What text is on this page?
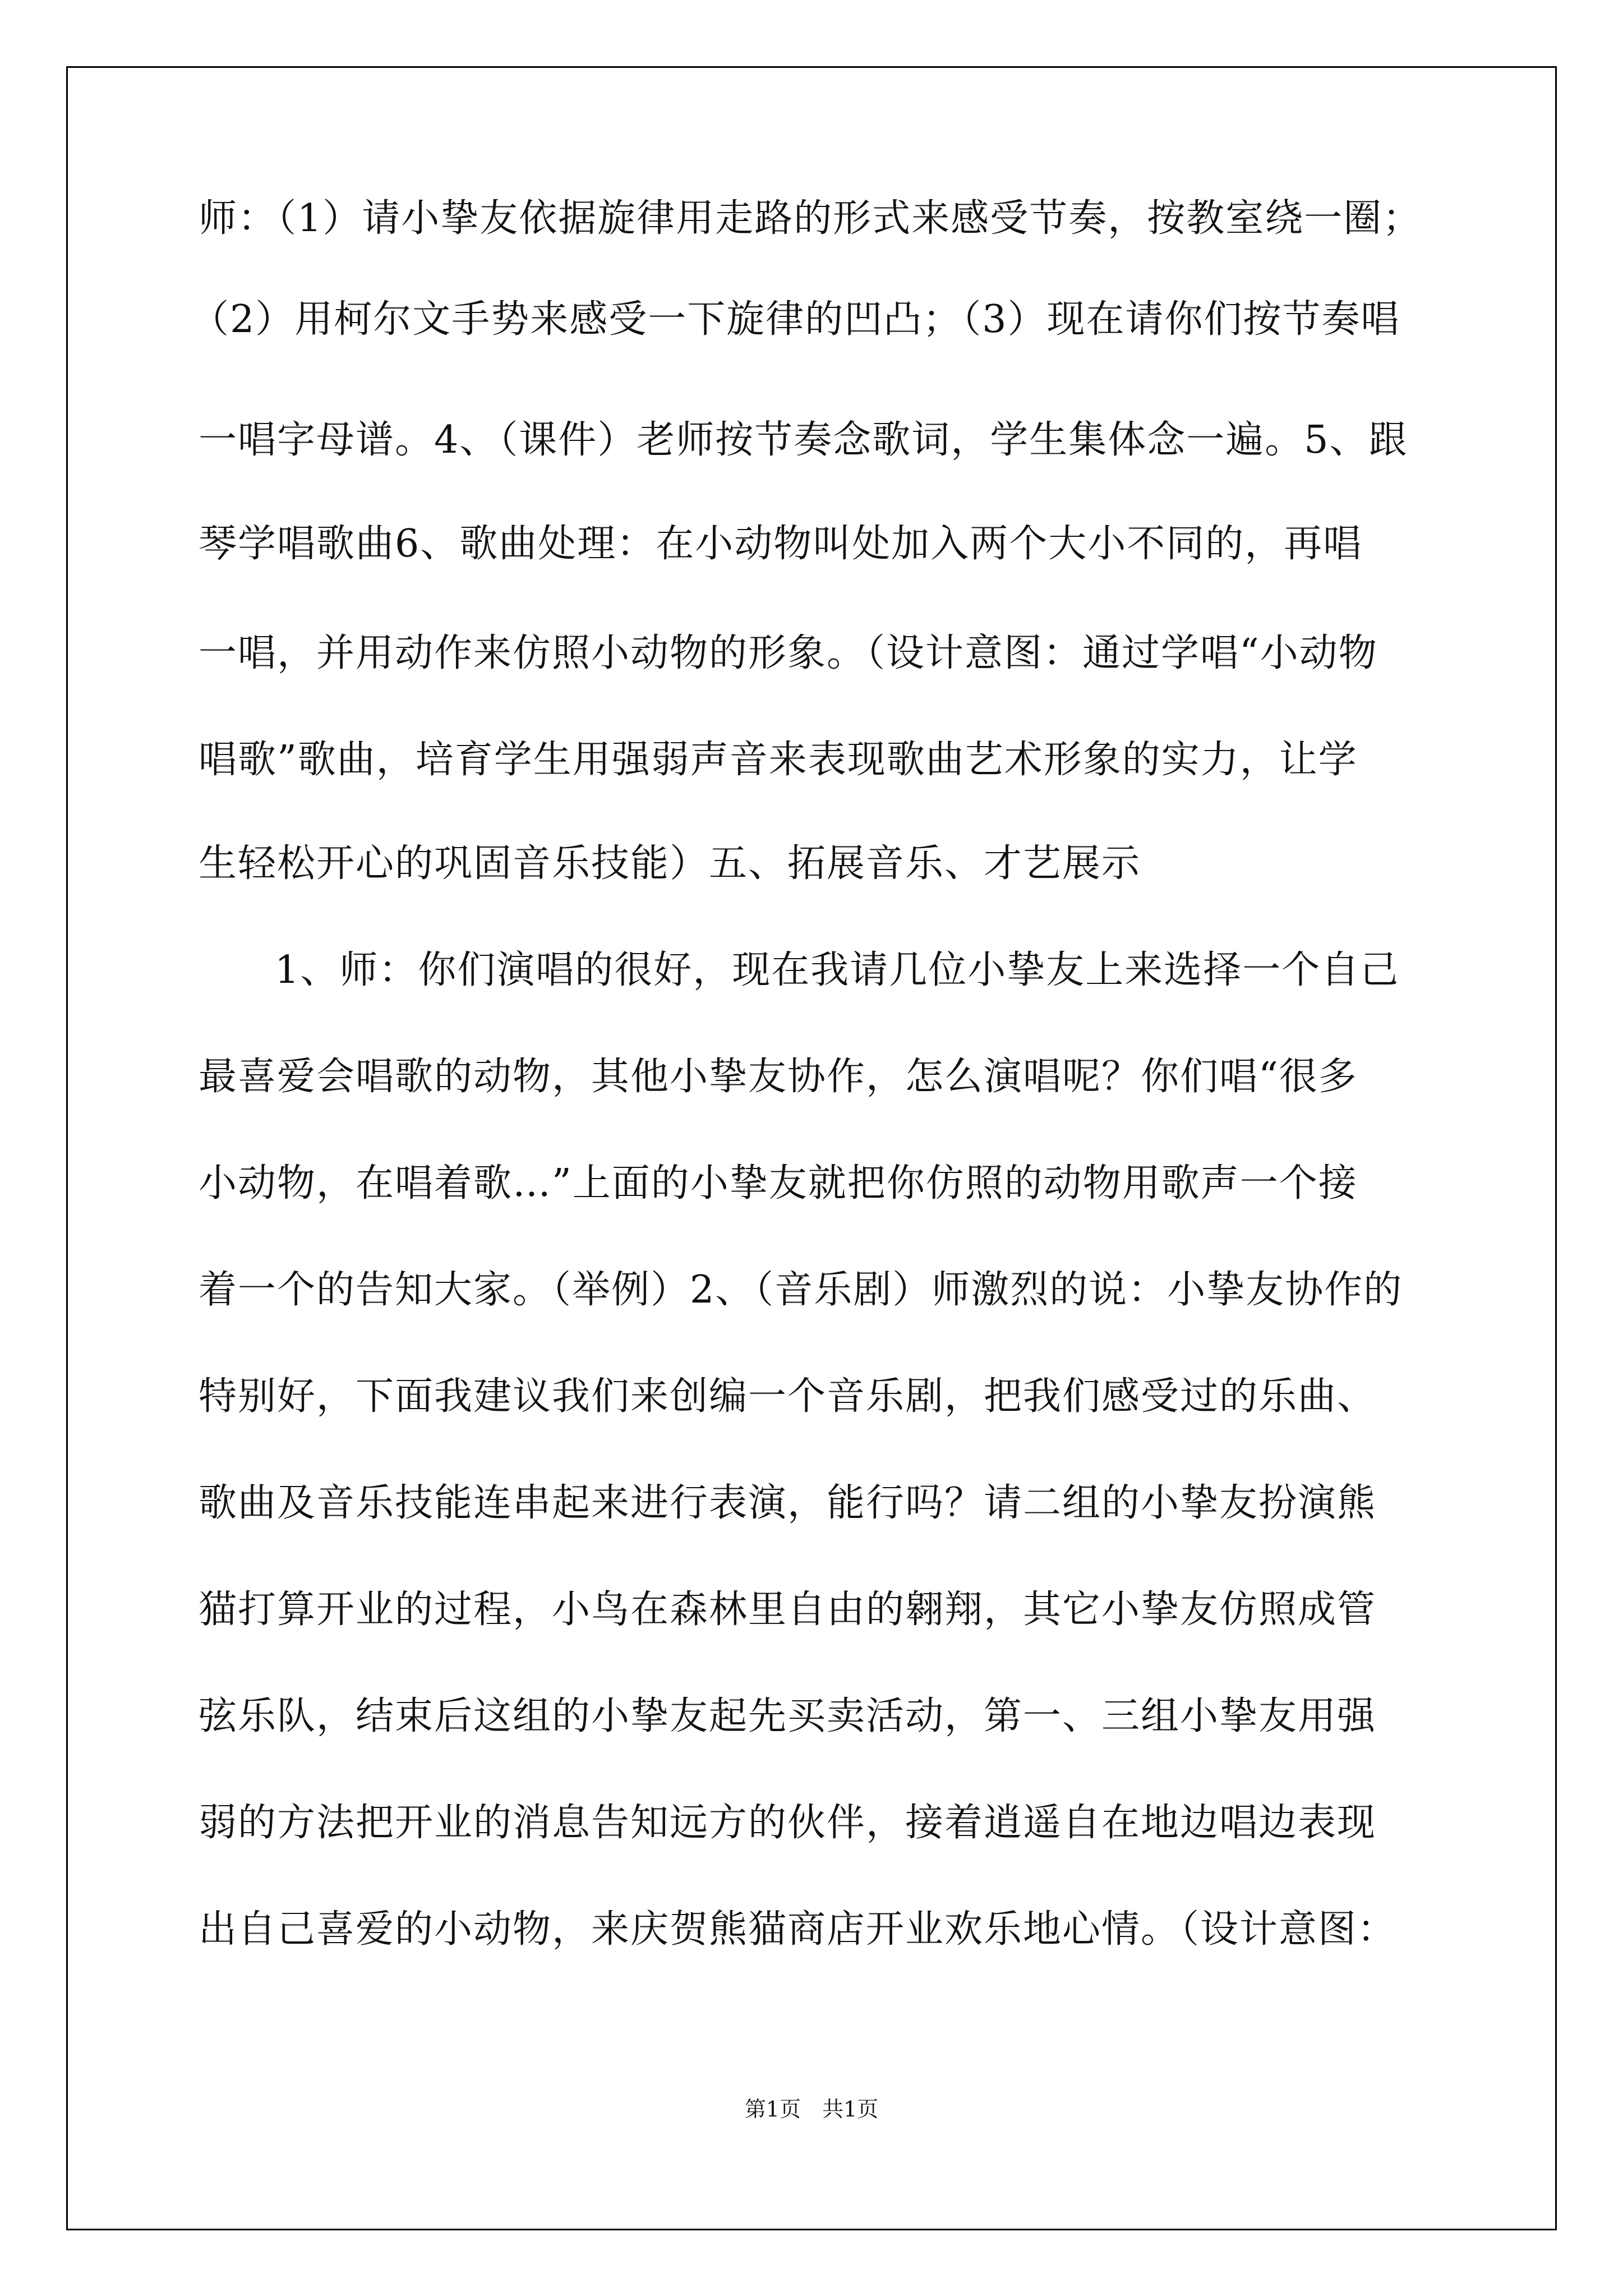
师：（1）请小挚友依据旋律用走路的形式来感受节奏，按教室绕一圈；
（2）用柯尔文手势来感受一下旋律的凹凸；（3）现在请你们按节奏唱
一唱字母谱。4、（课件）老师按节奏念歌词，学生集体念一遍。5、跟
琴学唱歌曲6、歌曲处理：在小动物叫处加入两个大小不同的，再唱
一唱，并用动作来仿照小动物的形象。（设计意图：通过学唱“小动物
唱歌”歌曲，培育学生用强弱声音来表现歌曲艺术形象的实力，让学
生轻松开心的巩固音乐技能）五、拓展音乐、才艺展示
1、师：你们演唱的很好，现在我请几位小挚友上来选择一个自己
最喜爱会唱歌的动物，其他小挚友协作，怎么演唱呢？你们唱“很多
小动物，在唱着歌…”上面的小挚友就把你仿照的动物用歌声一个接
着一个的告知大家。（举例）2、（音乐剧）师激烈的说：小挚友协作的
特别好，下面我建议我们来创编一个音乐剧，把我们感受过的乐曲、
歌曲及音乐技能连串起来进行表演，能行吗？请二组的小挚友扮演熊
猫打算开业的过程，小鸟在森林里自由的翱翔，其它小挚友仿照成管
弦乐队，结束后这组的小挚友起先买卖活动，第一、三组小挚友用强
弱的方法把开业的消息告知远方的伙伴，接着逍遥自在地边唱边表现
出自己喜爱的小动物，来庆贺熊猫商店开业欢乐地心情。（设计意图：
第1页　共1页
